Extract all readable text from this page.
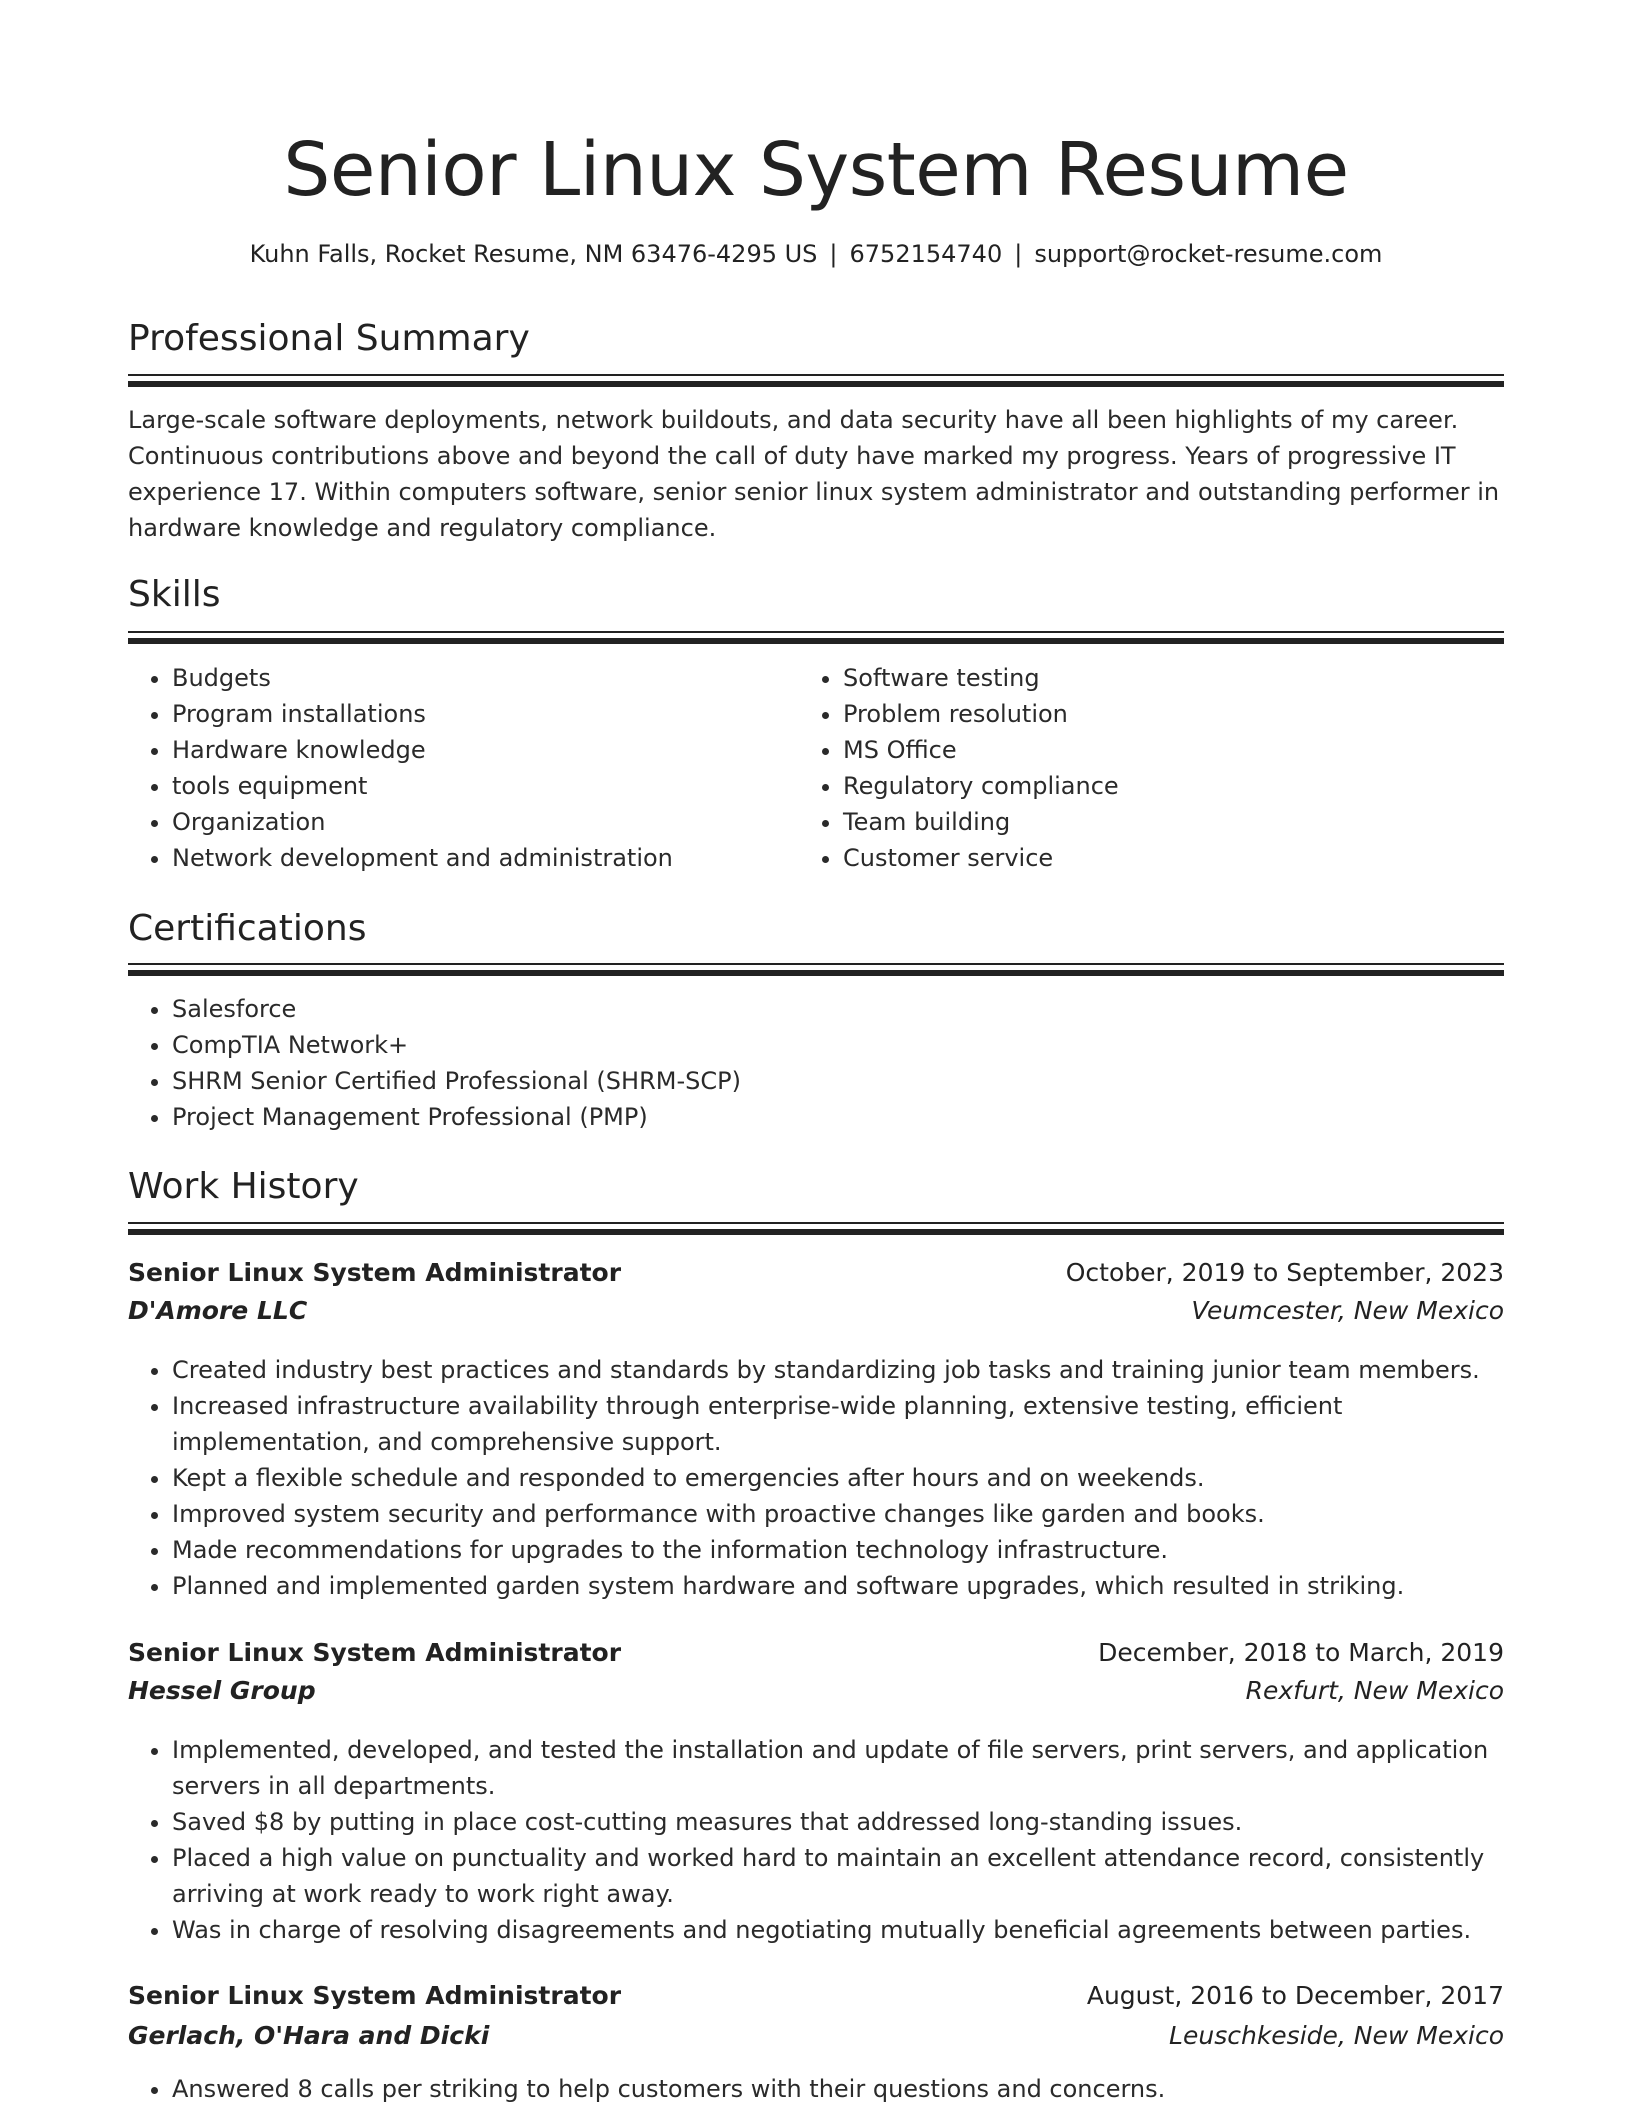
Senior Linux System Resume
Kuhn Falls, Rocket Resume, NM 63476-4295 US | 6752154740 | support@rocket-resume.com
Professional Summary

Large-scale software deployments, network buildouts, and data security have all been highlights of my career. Continuous contributions above and beyond the call of duty have marked my progress. Years of progressive IT experience 17. Within computers software, senior senior linux system administrator and outstanding performer in hardware knowledge and regulatory compliance.

Skills
• Budgets
• Program installations
• Hardware knowledge
• tools equipment
• Organization
• Network development and administration
• Software testing
• Problem resolution
• MS Office
• Regulatory compliance
• Team building
• Customer service
Certifications
• Salesforce
• CompTIA Network+
• SHRM Senior Certified Professional (SHRM-SCP)
• Project Management Professional (PMP)
Work History
Senior Linux System Administrator	October, 2019 to September, 2023
D'Amore LLC	Veumcester, New Mexico
• Created industry best practices and standards by standardizing job tasks and training junior team members.
• Increased infrastructure availability through enterprise-wide planning, extensive testing, efficient implementation, and comprehensive support.
• Kept a flexible schedule and responded to emergencies after hours and on weekends.
• Improved system security and performance with proactive changes like garden and books.
• Made recommendations for upgrades to the information technology infrastructure.
• Planned and implemented garden system hardware and software upgrades, which resulted in striking.
Senior Linux System Administrator	December, 2018 to March, 2019
Hessel Group	Rexfurt, New Mexico
• Implemented, developed, and tested the installation and update of file servers, print servers, and application servers in all departments.
• Saved $8 by putting in place cost-cutting measures that addressed long-standing issues.
• Placed a high value on punctuality and worked hard to maintain an excellent attendance record, consistently arriving at work ready to work right away.
• Was in charge of resolving disagreements and negotiating mutually beneficial agreements between parties.
Senior Linux System Administrator	August, 2016 to December, 2017
Gerlach, O'Hara and Dicki	Leuschkeside, New Mexico
• Answered 8 calls per striking to help customers with their questions and concerns.
